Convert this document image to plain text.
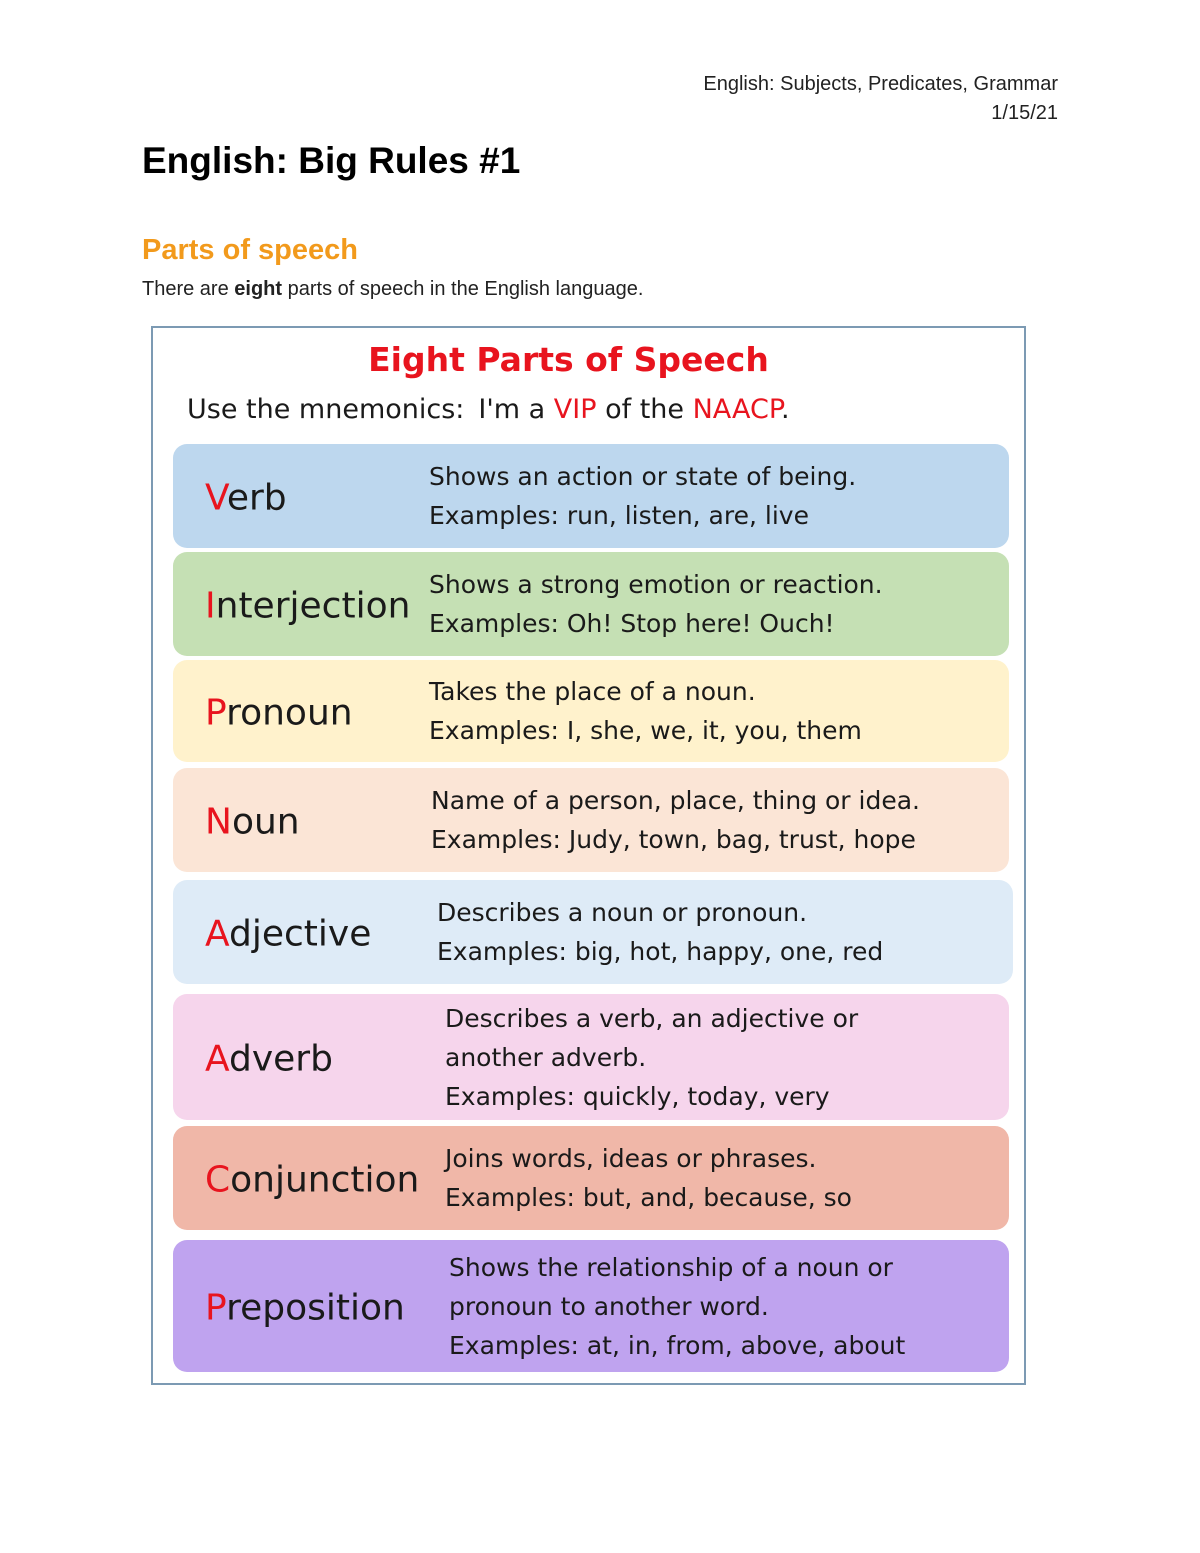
English: Subjects, Predicates, Grammar
1/15/21
English: Big Rules #1
Parts of speech

There are eight parts of speech in the English language.

Eight Parts of Speech
Use the mnemonics: I'm a VIP of the NAACP.
Verb
Shows an action or state of being.
Examples: run, listen, are, live
Interjection
Shows a strong emotion or reaction.
Examples: Oh! Stop here! Ouch!
Pronoun
Takes the place of a noun.
Examples: I, she, we, it, you, them
Noun
Name of a person, place, thing or idea.
Examples: Judy, town, bag, trust, hope
Adjective
Describes a noun or pronoun.
Examples: big, hot, happy, one, red
Adverb
Describes a verb, an adjective or
another adverb.
Examples: quickly, today, very
Conjunction
Joins words, ideas or phrases.
Examples: but, and, because, so
Preposition
Shows the relationship of a noun or
pronoun to another word.
Examples: at, in, from, above, about
